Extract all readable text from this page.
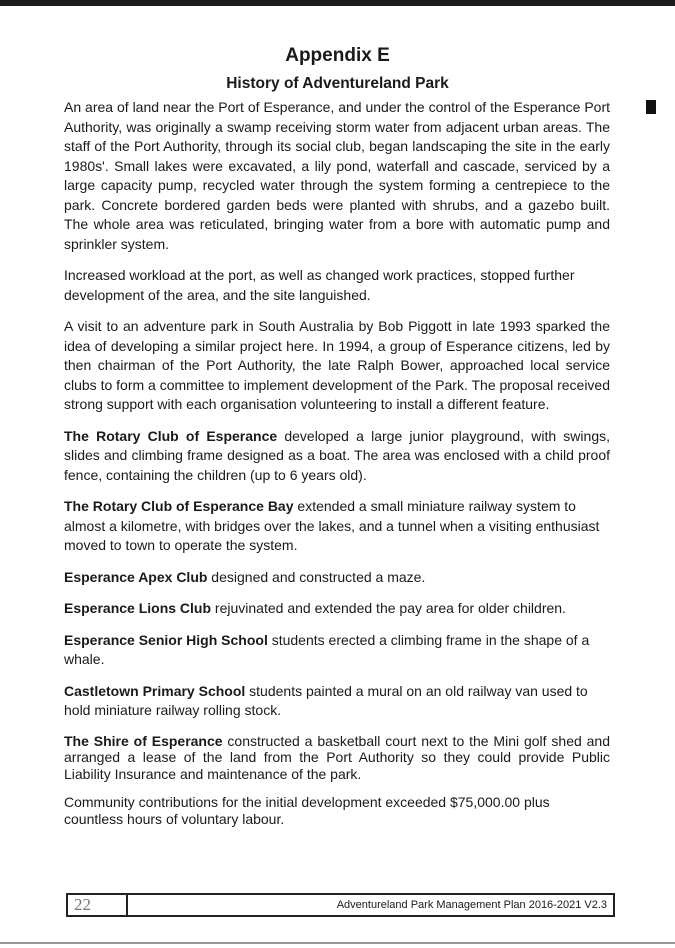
Appendix E
History of Adventureland Park

An area of land near the Port of Esperance, and under the control of the Esperance Port Authority, was originally a swamp receiving storm water from adjacent urban areas. The staff of the Port Authority, through its social club, began landscaping the site in the early 1980s'. Small lakes were excavated, a lily pond, waterfall and cascade, serviced by a large capacity pump, recycled water through the system forming a centrepiece to the park. Concrete bordered garden beds were planted with shrubs, and a gazebo built. The whole area was reticulated, bringing water from a bore with automatic pump and sprinkler system.

Increased workload at the port, as well as changed work practices, stopped further development of the area, and the site languished.

A visit to an adventure park in South Australia by Bob Piggott in late 1993 sparked the idea of developing a similar project here. In 1994, a group of Esperance citizens, led by then chairman of the Port Authority, the late Ralph Bower, approached local service clubs to form a committee to implement development of the Park. The proposal received strong support with each organisation volunteering to install a different feature.

The Rotary Club of Esperance developed a large junior playground, with swings, slides and climbing frame designed as a boat. The area was enclosed with a child proof fence, containing the children (up to 6 years old).

The Rotary Club of Esperance Bay extended a small miniature railway system to almost a kilometre, with bridges over the lakes, and a tunnel when a visiting enthusiast moved to town to operate the system.

Esperance Apex Club designed and constructed a maze.

Esperance Lions Club rejuvinated and extended the pay area for older children.

Esperance Senior High School students erected a climbing frame in the shape of a whale.

Castletown Primary School students painted a mural on an old railway van used to hold miniature railway rolling stock.

The Shire of Esperance constructed a basketball court next to the Mini golf shed and arranged a lease of the land from the Port Authority so they could provide Public Liability Insurance and maintenance of the park.

Community contributions for the initial development exceeded $75,000.00 plus countless hours of voluntary labour.

22	Adventureland Park Management Plan 2016-2021 V2.3
